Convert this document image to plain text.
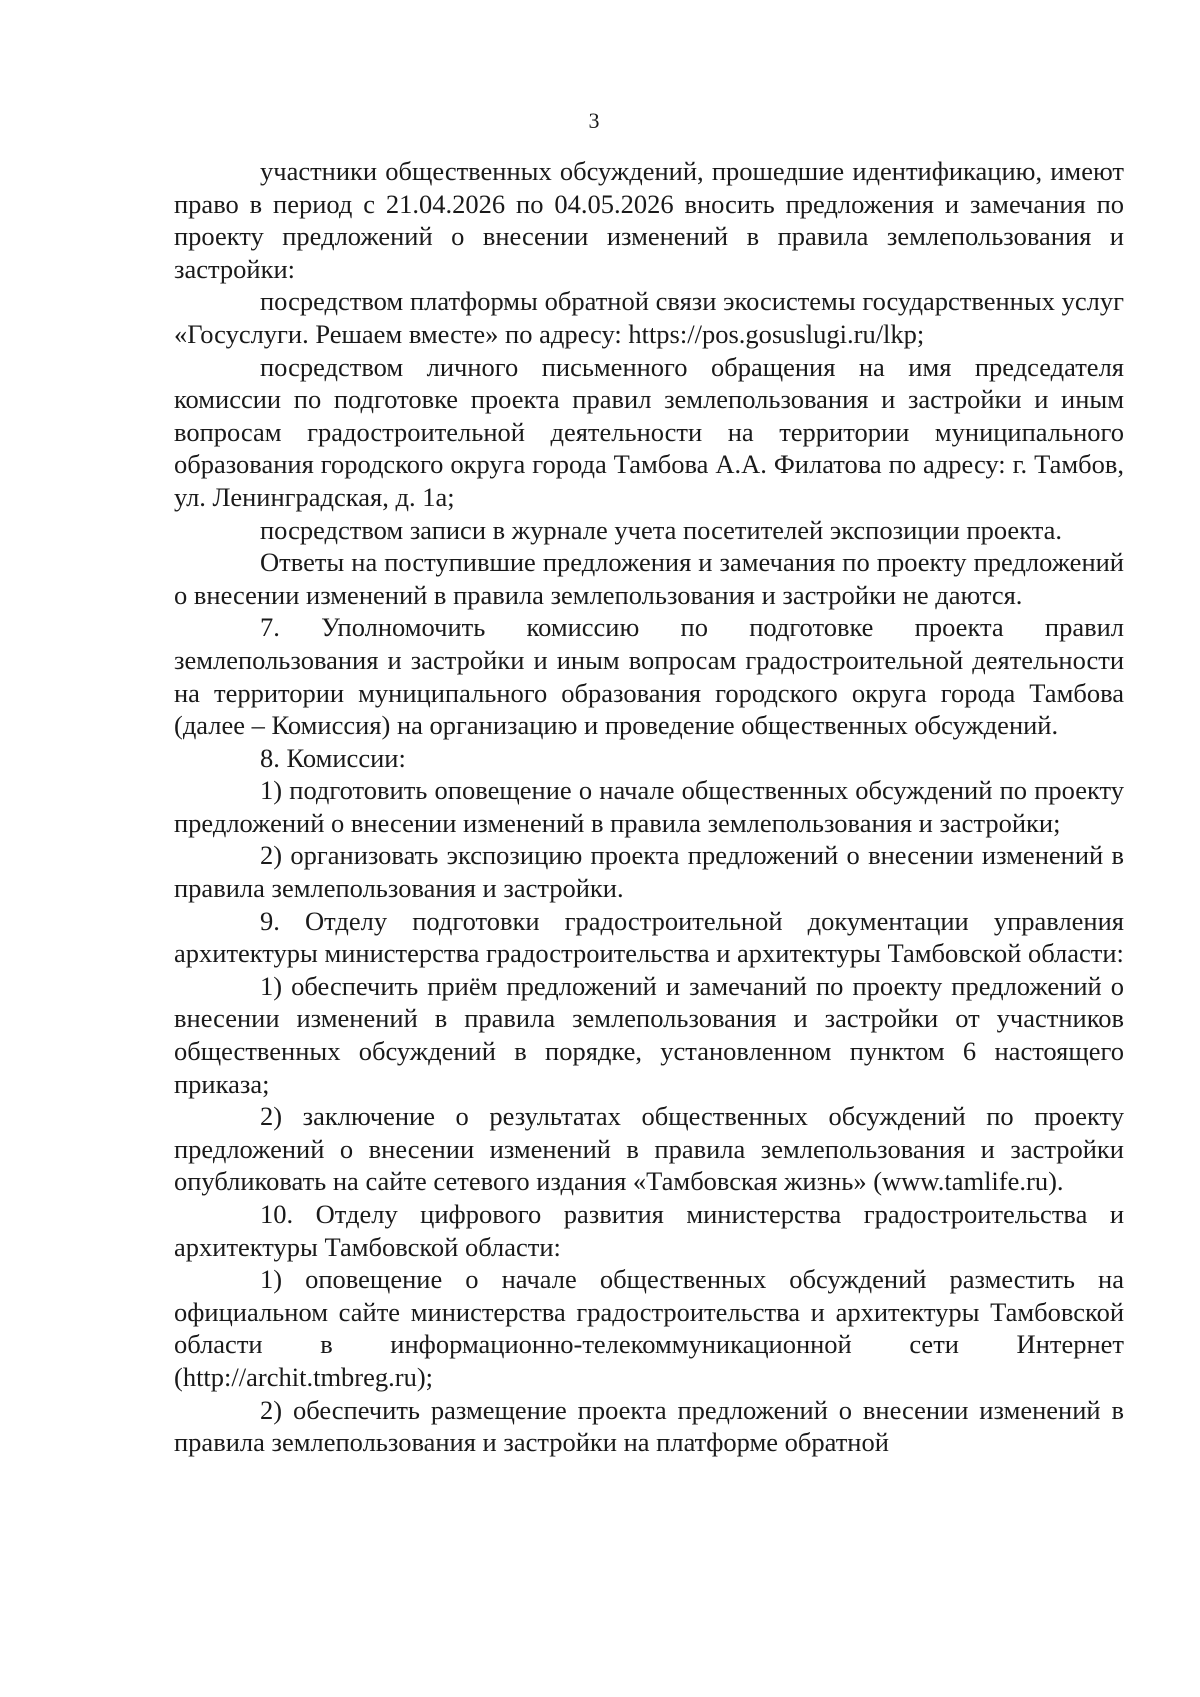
3

участники общественных обсуждений, прошедшие идентификацию, имеют право в период с 21.04.2026 по 04.05.2026 вносить предложения и замечания по проекту предложений о внесении изменений в правила землепользования и застройки:

посредством платформы обратной связи экосистемы государственных услуг «Госуслуги. Решаем вместе» по адресу: https://pos.gosuslugi.ru/lkp;

посредством личного письменного обращения на имя председателя комиссии по подготовке проекта правил землепользования и застройки и иным вопросам градостроительной деятельности на территории муниципального образования городского округа города Тамбова А.А. Филатова по адресу: г. Тамбов, ул. Ленинградская, д. 1а;

посредством записи в журнале учета посетителей экспозиции проекта.

Ответы на поступившие предложения и замечания по проекту предложений о внесении изменений в правила землепользования и застройки не даются.

7. Уполномочить комиссию по подготовке проекта правил землепользования и застройки и иным вопросам градостроительной деятельности на территории муниципального образования городского округа города Тамбова (далее – Комиссия) на организацию и проведение общественных обсуждений.

8. Комиссии:

1) подготовить оповещение о начале общественных обсуждений по проекту предложений о внесении изменений в правила землепользования и застройки;

2) организовать экспозицию проекта предложений о внесении изменений в правила землепользования и застройки.

9. Отделу подготовки градостроительной документации управления архитектуры министерства градостроительства и архитектуры Тамбовской области:

1) обеспечить приём предложений и замечаний по проекту предложений о внесении изменений в правила землепользования и застройки от участников общественных обсуждений в порядке, установленном пунктом 6 настоящего приказа;

2) заключение о результатах общественных обсуждений по проекту предложений о внесении изменений в правила землепользования и застройки опубликовать на сайте сетевого издания «Тамбовская жизнь» (www.tamlife.ru).

10. Отделу цифрового развития министерства градостроительства и архитектуры Тамбовской области:

1) оповещение о начале общественных обсуждений разместить на официальном сайте министерства градостроительства и архитектуры Тамбовской области в информационно-телекоммуникационной сети Интернет (http://archit.tmbreg.ru);

2) обеспечить размещение проекта предложений о внесении изменений в правила землепользования и застройки на платформе обратной
